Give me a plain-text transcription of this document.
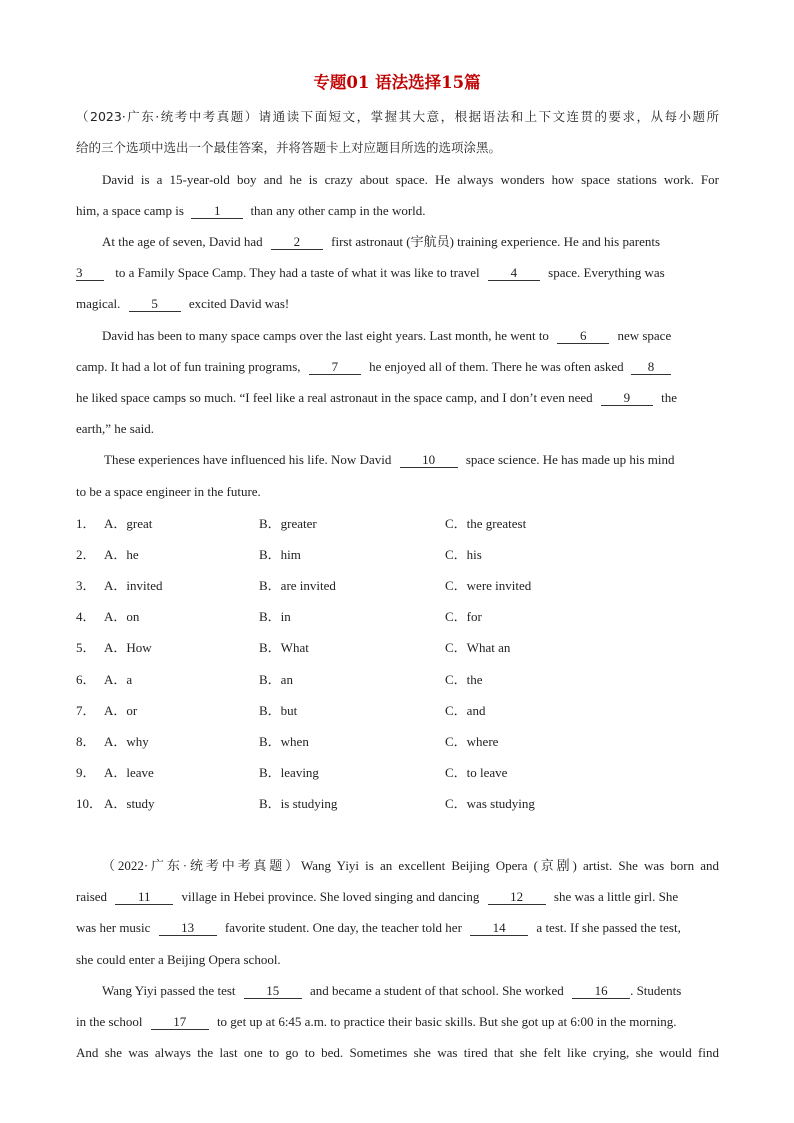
专题01 语法选择15篇
（2023·广东·统考中考真题）请通读下面短文，掌握其大意，根据语法和上下文连贯的要求，从每小题所
给的三个选项中选出一个最佳答案，并将答题卡上对应题目所选的选项涂黑。
David is a 15-year-old boy and he is crazy about space. He always wonders how space stations work. For
him, a space camp is 1 than any other camp in the world.
At the age of seven, David had 2 first astronaut (宇航员) training experience. He and his parents
3	to a Family Space Camp. They had a taste of what it was like to travel 4 space. Everything was
magical. 5 excited David was!
David has been to many space camps over the last eight years. Last month, he went to 6 new space
camp. It had a lot of fun training programs, 7 he enjoyed all of them. There he was often asked 8
he liked space camps so much. “I feel like a real astronaut in the space camp, and I don’t even need 9 the
earth,” he said.
These experiences have influenced his life. Now David 10 space science. He has made up his mind
to be a space engineer in the future.
1． A．great	B．greater	C．the greatest
2． A．he	B．him	C．his
3． A．invited	B．are invited	C．were invited
4． A．on	B．in	C．for
5． A．How	B．What	C．What an
6． A．a	B．an	C．the
7． A．or	B．but	C．and
8． A．why	B．when	C．where
9． A．leave	B．leaving	C．to leave
10． A．study	B．is studying	C．was studying
（2022·广东·统考中考真题）Wang Yiyi is an excellent Beijing Opera (京剧) artist. She was born and
raised 11 village in Hebei province. She loved singing and dancing 12 she was a little girl. She
was her music 13 favorite student. One day, the teacher told her 14 a test. If she passed the test,
she could enter a Beijing Opera school.
Wang Yiyi passed the test 15 and became a student of that school. She worked 16 . Students
in the school 17 to get up at 6:45 a.m. to practice their basic skills. But she got up at 6:00 in the morning.
And she was always the last one to go to bed. Sometimes she was tired that she felt like crying, she would find
